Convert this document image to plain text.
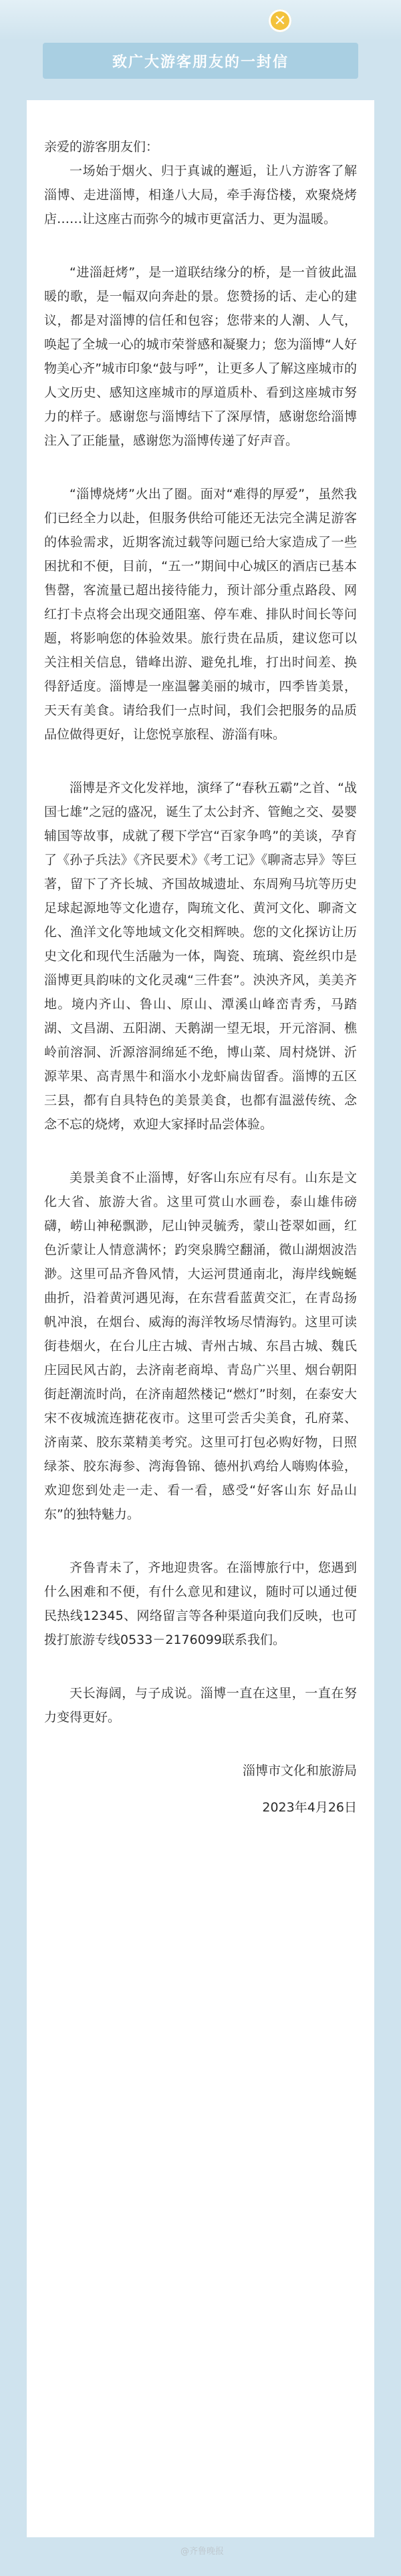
✕
致广大游客朋友的一封信

亲爱的游客朋友们：

一场始于烟火、归于真诚的邂逅，让八方游客了解淄博、走进淄博，相逢八大局，牵手海岱楼，欢聚烧烤店……让这座古而弥今的城市更富活力、更为温暖。

“进淄赶烤”，是一道联结缘分的桥，是一首彼此温暖的歌，是一幅双向奔赴的景。您赞扬的话、走心的建议，都是对淄博的信任和包容；您带来的人潮、人气，唤起了全城一心的城市荣誉感和凝聚力；您为淄博“人好物美心齐”城市印象“鼓与呼”，让更多人了解这座城市的人文历史、感知这座城市的厚道质朴、看到这座城市努力的样子。感谢您与淄博结下了深厚情，感谢您给淄博注入了正能量，感谢您为淄博传递了好声音。

“淄博烧烤”火出了圈。面对“难得的厚爱”，虽然我们已经全力以赴，但服务供给可能还无法完全满足游客的体验需求，近期客流过载等问题已给大家造成了一些困扰和不便，目前，“五一”期间中心城区的酒店已基本售罄，客流量已超出接待能力，预计部分重点路段、网红打卡点将会出现交通阻塞、停车难、排队时间长等问题，将影响您的体验效果。旅行贵在品质，建议您可以关注相关信息，错峰出游、避免扎堆，打出时间差、换得舒适度。淄博是一座温馨美丽的城市，四季皆美景，天天有美食。请给我们一点时间，我们会把服务的品质品位做得更好，让您悦享旅程、游淄有味。

淄博是齐文化发祥地，演绎了“春秋五霸”之首、“战国七雄”之冠的盛况，诞生了太公封齐、管鲍之交、晏婴辅国等故事，成就了稷下学宫“百家争鸣”的美谈，孕育了《孙子兵法》《齐民要术》《考工记》《聊斋志异》等巨著，留下了齐长城、齐国故城遗址、东周殉马坑等历史足球起源地等文化遗存，陶琉文化、黄河文化、聊斋文化、渔洋文化等地域文化交相辉映。您的文化探访让历史文化和现代生活融为一体，陶瓷、琉璃、瓷丝织巾是淄博更具韵味的文化灵魂“三件套”。泱泱齐风，美美齐地。境内齐山、鲁山、原山、潭溪山峰峦青秀，马踏湖、文昌湖、五阳湖、天鹅湖一望无垠，开元溶洞、樵岭前溶洞、沂源溶洞绵延不绝，博山菜、周村烧饼、沂源苹果、高青黑牛和淄水小龙虾扁齿留香。淄博的五区三县，都有自具特色的美景美食，也都有温滋传统、念念不忘的烧烤，欢迎大家择时品尝体验。

美景美食不止淄博，好客山东应有尽有。山东是文化大省、旅游大省。这里可赏山水画卷，泰山雄伟磅礴，崂山神秘飘渺，尼山钟灵毓秀，蒙山苍翠如画，红色沂蒙让人情意满怀；趵突泉腾空翻涌，微山湖烟波浩渺。这里可品齐鲁风情，大运河贯通南北，海岸线蜿蜒曲折，沿着黄河遇见海，在东营看蓝黄交汇，在青岛扬帆冲浪，在烟台、威海的海洋牧场尽情海钓。这里可读街巷烟火，在台儿庄古城、青州古城、东昌古城、魏氏庄园民风古韵，去济南老商埠、青岛广兴里、烟台朝阳街赶潮流时尚，在济南超然楼记“燃灯”时刻，在泰安大宋不夜城流连搪花夜市。这里可尝舌尖美食，孔府菜、济南菜、胶东菜精美考究。这里可打包必购好物，日照绿茶、胶东海参、湾海鲁锦、德州扒鸡给人嗨购体验，欢迎您到处走一走、看一看，感受“好客山东 好品山东”的独特魅力。

齐鲁青未了，齐地迎贵客。在淄博旅行中，您遇到什么困难和不便，有什么意见和建议，随时可以通过便民热线12345、网络留言等各种渠道向我们反映，也可拨打旅游专线0533－2176099联系我们。

天长海阔，与子成说。淄博一直在这里，一直在努力变得更好。

淄博市文化和旅游局

2023年4月26日

@齐鲁晚报
